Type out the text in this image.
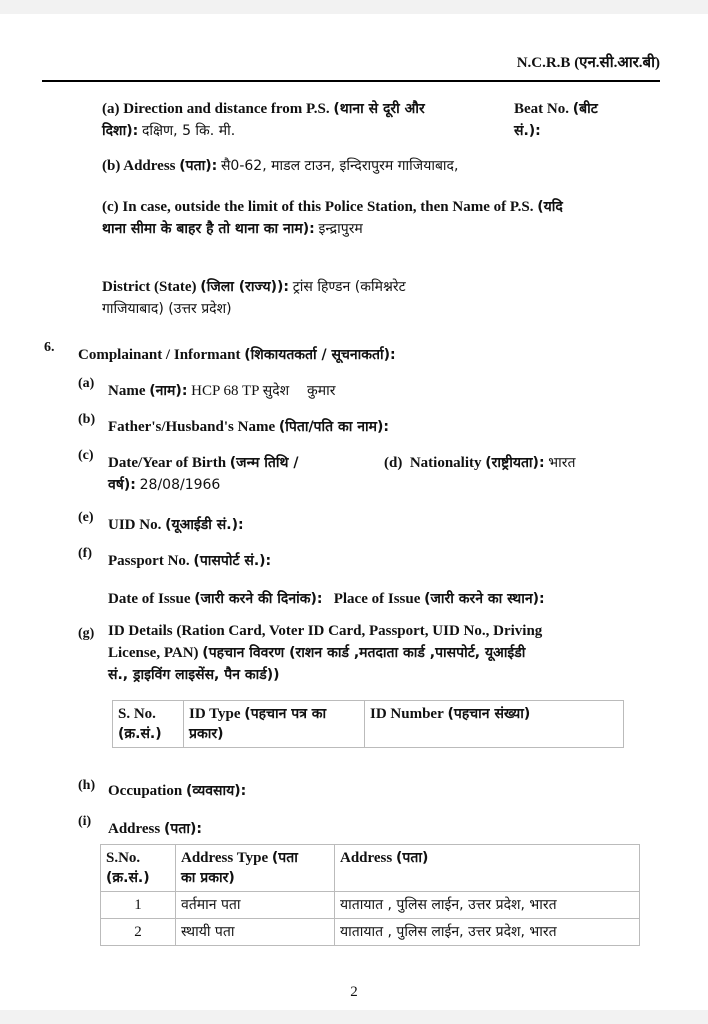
N.C.R.B (एन.सी.आर.बी)
(a) Direction and distance from P.S. (थाना से दूरी और
दिशा): दक्षिण, 5 कि. मी.
Beat No. (बीट
सं.):
(b) Address (पता): सै0-62, माडल टाउन, इन्दिरापुरम गाजियाबाद,
(c) In case, outside the limit of this Police Station, then Name of P.S. (यदि
थाना सीमा के बाहर है तो थाना का नाम): इन्द्रापुरम
District (State) (जिला (राज्य)): ट्रांस हिण्डन (कमिश्नरेट
गाजियाबाद) (उत्तर प्रदेश)
6. Complainant / Informant (शिकायतकर्ता / सूचनाकर्ता):
(a) Name (नाम): HCP 68 TP सुदेश    कुमार
(b) Father's/Husband's Name (पिता/पति का नाम):
(c) Date/Year of Birth (जन्म तिथि /
वर्ष): 28/08/1966
(d) Nationality (राष्ट्रीयता): भारत
(e) UID No. (यूआईडी सं.):
(f) Passport No. (पासपोर्ट सं.):
Date of Issue (जारी करने की दिनांक): Place of Issue (जारी करने का स्थान):
(g) ID Details (Ration Card, Voter ID Card, Passport, UID No., Driving
License, PAN) (पहचान विवरण (राशन कार्ड ,मतदाता कार्ड ,पासपोर्ट, यूआईडी
सं., ड्राइविंग लाइसेंस, पैन कार्ड))
S. No.
(क्र.सं.)	ID Type (पहचान पत्र का
प्रकार)	ID Number (पहचान संख्या)
(h) Occupation (व्यवसाय):
(i) Address (पता):
S.No.
(क्र.सं.)	Address Type (पता
का प्रकार)	Address (पता)
1	वर्तमान पता	यातायात , पुलिस लाईन, उत्तर प्रदेश, भारत
2	स्थायी पता	यातायात , पुलिस लाईन, उत्तर प्रदेश, भारत
2
